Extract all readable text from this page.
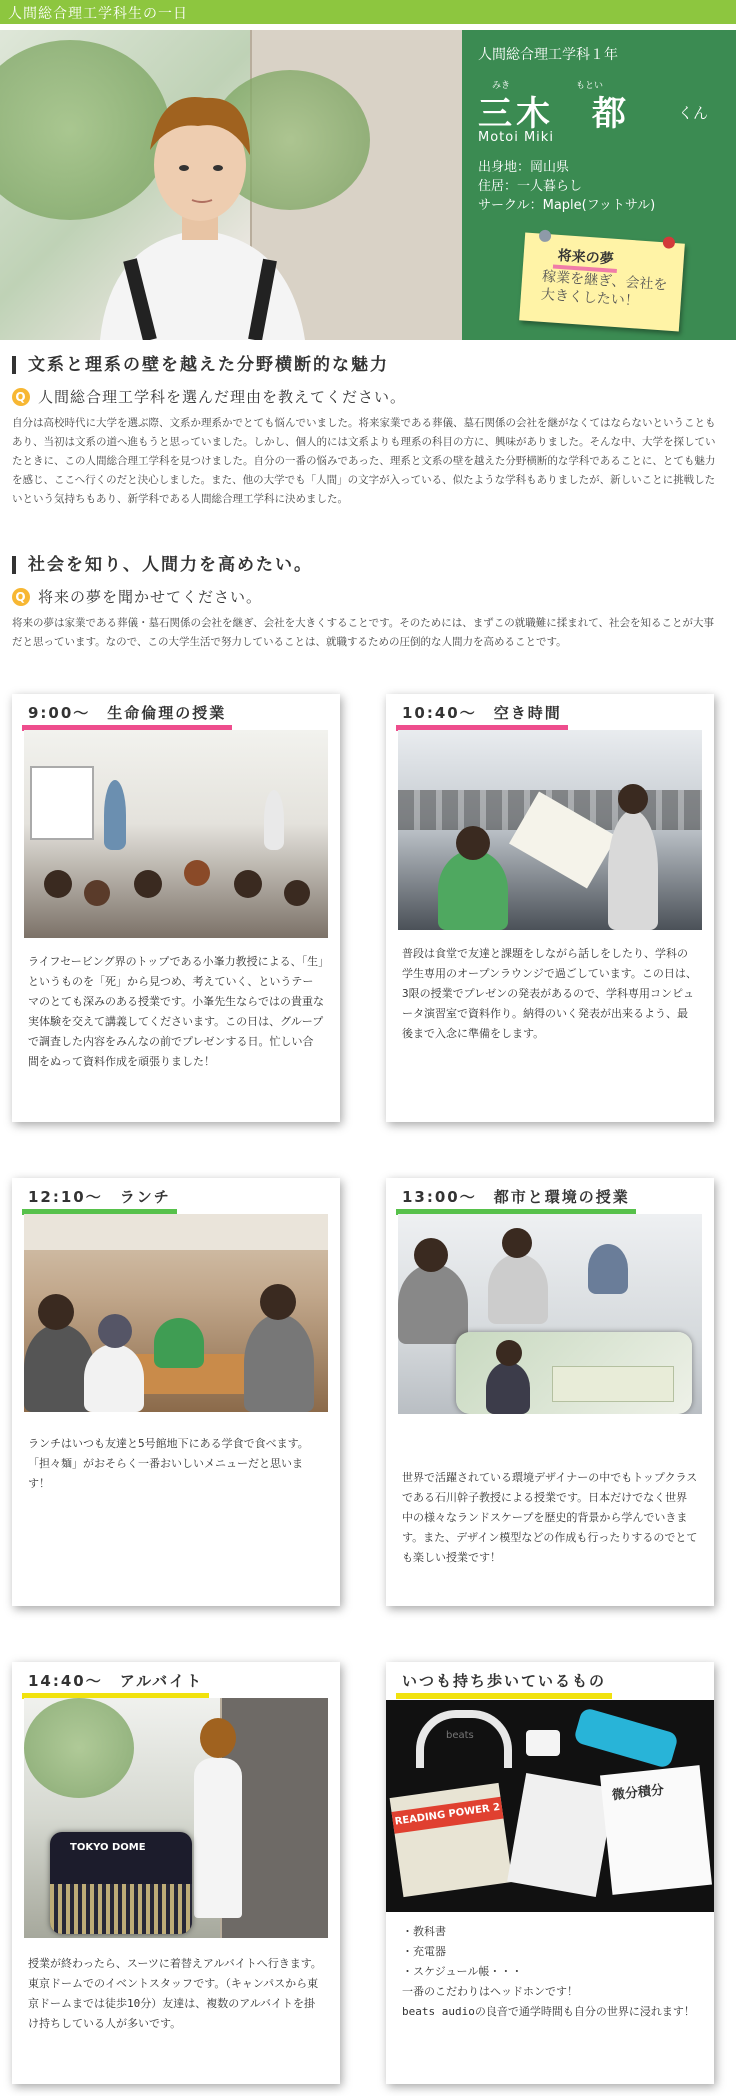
人間総合理工学科生の一日
人間総合理工学科１年
みき	もとい
三木　都	くん
Motoi Miki
出身地：岡山県
住居：一人暮らし
サークル：Maple(フットサル)
将来の夢
稼業を継ぎ、会社を大きくしたい！
文系と理系の壁を越えた分野横断的な魅力
Q 人間総合理工学科を選んだ理由を教えてください。
自分は高校時代に大学を選ぶ際、文系か理系かでとても悩んでいました。将来家業である葬儀、墓石関係の会社を継がなくてはならないということもあり、当初は文系の道へ進もうと思っていました。しかし、個人的には文系よりも理系の科目の方に、興味がありました。そんな中、大学を探していたときに、この人間総合理工学科を見つけました。自分の一番の悩みであった、理系と文系の壁を越えた分野横断的な学科であることに、とても魅力を感じ、ここへ行くのだと決心しました。また、他の大学でも「人間」の文字が入っている、似たような学科もありましたが、新しいことに挑戦したいという気持ちもあり、新学科である人間総合理工学科に決めました。
社会を知り、人間力を高めたい。
Q 将来の夢を聞かせてください。
将来の夢は家業である葬儀・墓石関係の会社を継ぎ、会社を大きくすることです。そのためには、まずこの就職難に揉まれて、社会を知ることが大事だと思っています。なので、この大学生活で努力していることは、就職するための圧倒的な人間力を高めることです。
9:00〜　生命倫理の授業
ライフセービング界のトップである小峯力教授による、「生」というものを「死」から見つめ、考えていく、というテーマのとても深みのある授業です。小峯先生ならではの貴重な実体験を交えて講義してくださいます。この日は、グループで調査した内容をみんなの前でプレゼンする日。忙しい合間をぬって資料作成を頑張りました！
10:40〜　空き時間
普段は食堂で友達と課題をしながら話しをしたり、学科の学生専用のオープンラウンジで過ごしています。この日は、3限の授業でプレゼンの発表があるので、学科専用コンピュータ演習室で資料作り。納得のいく発表が出来るよう、最後まで入念に準備をします。
12:10〜　ランチ
ランチはいつも友達と5号館地下にある学食で食べます。「担々麺」がおそらく一番おいしいメニューだと思います！
13:00〜　都市と環境の授業
世界で活躍されている環境デザイナーの中でもトップクラスである石川幹子教授による授業です。日本だけでなく世界中の様々なランドスケープを歴史的背景から学んでいきます。また、デザイン模型などの作成も行ったりするのでとても楽しい授業です！
14:40〜　アルバイト
TOKYO DOME
授業が終わったら、スーツに着替えアルバイトへ行きます。東京ドームでのイベントスタッフです。（キャンパスから東京ドームまでは徒歩10分）友達は、複数のアルバイトを掛け持ちしている人が多いです。
いつも持ち歩いているもの
beats
READING POWER 2
微分積分
・教科書
・充電器
・スケジュール帳・・・
一番のこだわりはヘッドホンです！
beats audioの良音で通学時間も自分の世界に浸れます！
